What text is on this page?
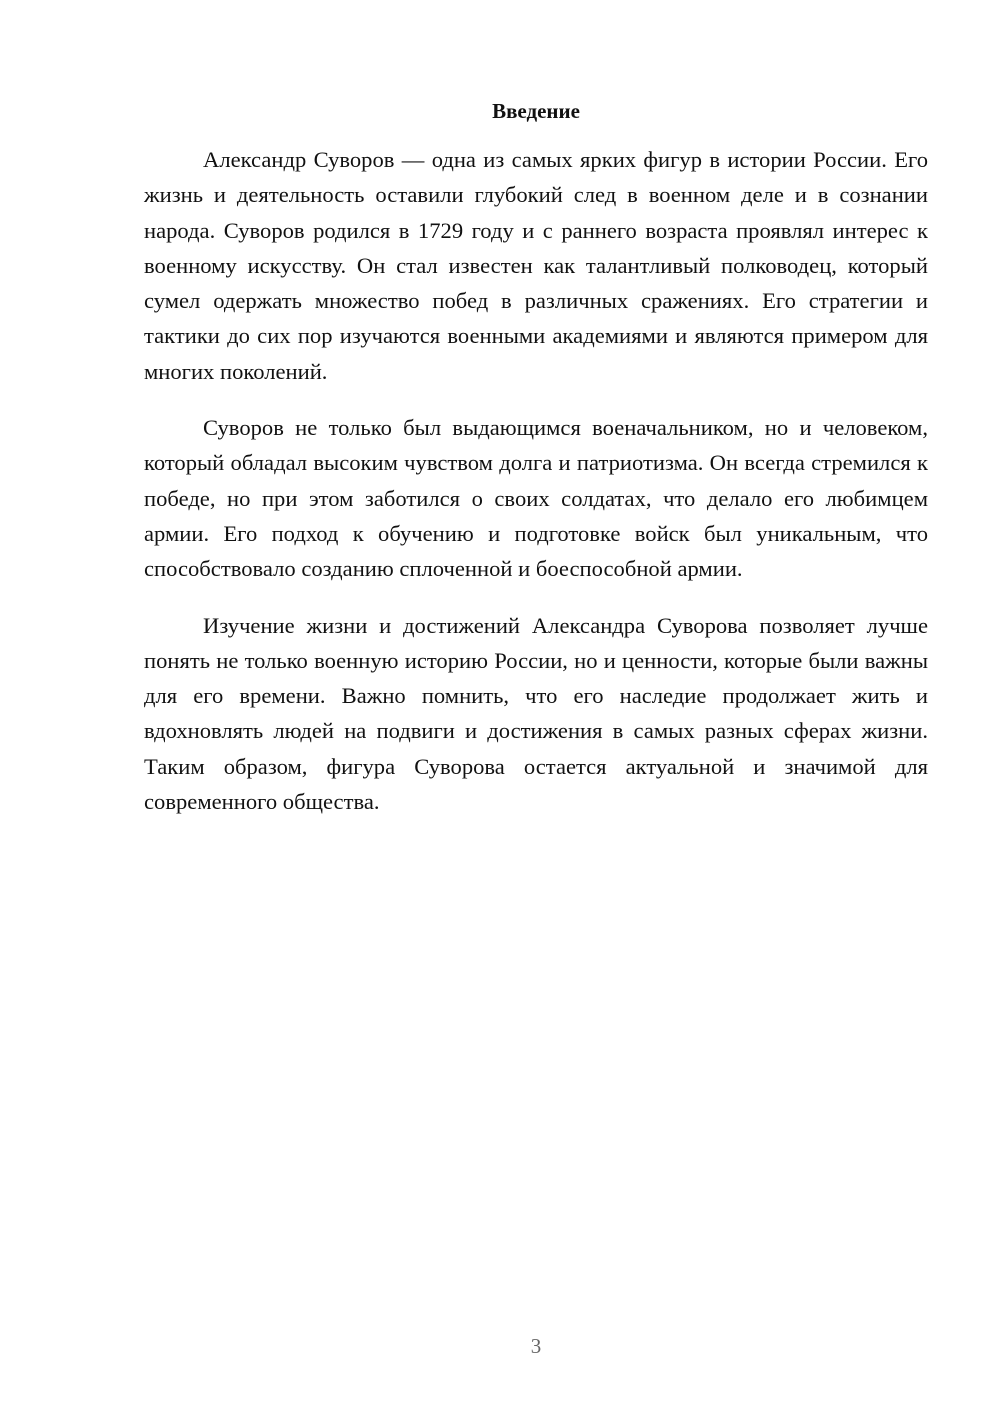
Введение

Александр Суворов — одна из самых ярких фигур в истории России. Его жизнь и деятельность оставили глубокий след в военном деле и в сознании народа. Суворов родился в 1729 году и с раннего возраста проявлял интерес к военному искусству. Он стал известен как талантливый полководец, который сумел одержать множество побед в различных сражениях. Его стратегии и тактики до сих пор изучаются военными академиями и являются примером для многих поколений.

Суворов не только был выдающимся военачальником, но и человеком, который обладал высоким чувством долга и патриотизма. Он всегда стремился к победе, но при этом заботился о своих солдатах, что делало его любимцем армии. Его подход к обучению и подготовке войск был уникальным, что способствовало созданию сплоченной и боеспособной армии.

Изучение жизни и достижений Александра Суворова позволяет лучше понять не только военную историю России, но и ценности, которые были важны для его времени. Важно помнить, что его наследие продолжает жить и вдохновлять людей на подвиги и достижения в самых разных сферах жизни. Таким образом, фигура Суворова остается актуальной и значимой для современного общества.

3
